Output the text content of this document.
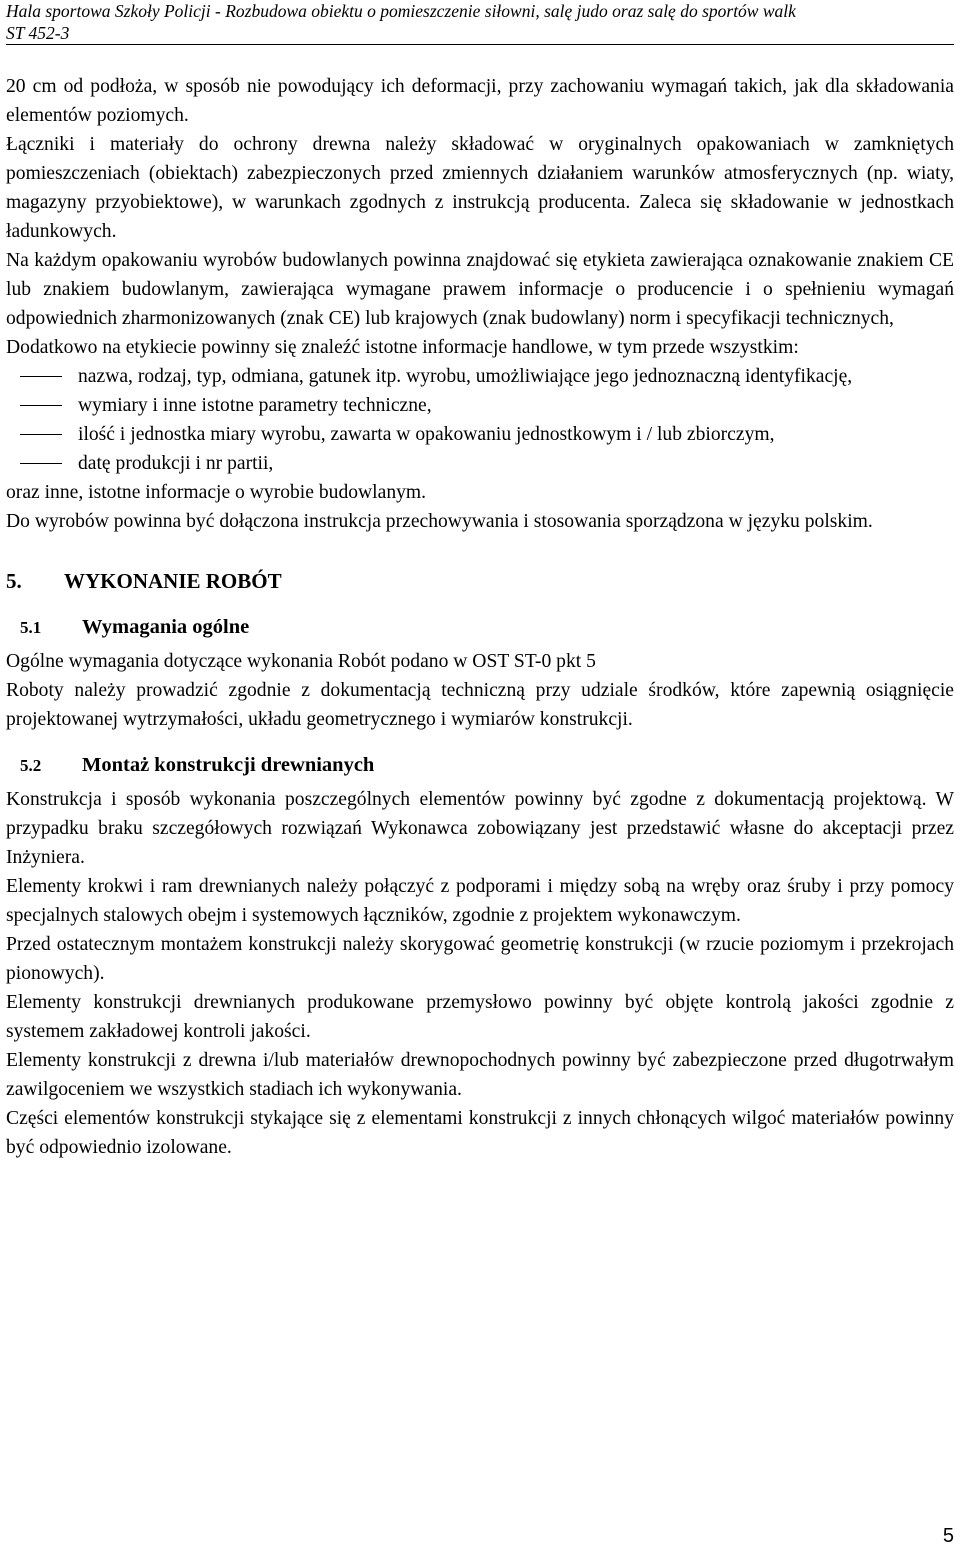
Hala sportowa Szkoły Policji - Rozbudowa obiektu o pomieszczenie siłowni, salę judo oraz salę do sportów walk
ST 452-3

20 cm od podłoża, w sposób nie powodujący ich deformacji, przy zachowaniu wymagań takich, jak dla składowania elementów poziomych.

Łączniki i materiały do ochrony drewna należy składować w oryginalnych opakowaniach w zamkniętych pomieszczeniach (obiektach) zabezpieczonych przed zmiennych działaniem warunków atmosferycznych (np. wiaty, magazyny przyobiektowe), w warunkach zgodnych z instrukcją producenta. Zaleca się składowanie w jednostkach ładunkowych.

Na każdym opakowaniu wyrobów budowlanych powinna znajdować się etykieta zawierająca oznakowanie znakiem CE lub znakiem budowlanym, zawierająca wymagane prawem informacje o producencie i o spełnieniu wymagań odpowiednich zharmonizowanych (znak CE) lub krajowych (znak budowlany) norm i specyfikacji technicznych,

Dodatkowo na etykiecie powinny się znaleźć istotne informacje handlowe, w tym przede wszystkim:

nazwa, rodzaj, typ, odmiana, gatunek itp. wyrobu, umożliwiające jego jednoznaczną identyfikację,
wymiary i inne istotne parametry techniczne,
ilość i jednostka miary wyrobu, zawarta w opakowaniu jednostkowym i / lub zbiorczym,
datę produkcji i nr partii,

oraz inne, istotne informacje o wyrobie budowlanym.

Do wyrobów powinna być dołączona instrukcja przechowywania i stosowania sporządzona w języku polskim.

5. WYKONANIE ROBÓT
5.1 Wymagania ogólne

Ogólne wymagania dotyczące wykonania Robót podano w OST ST-0 pkt 5

Roboty należy prowadzić zgodnie z dokumentacją techniczną przy udziale środków, które zapewnią osiągnięcie projektowanej wytrzymałości, układu geometrycznego i wymiarów konstrukcji.

5.2 Montaż konstrukcji drewnianych

Konstrukcja i sposób wykonania poszczególnych elementów powinny być zgodne z dokumentacją projektową. W przypadku braku szczegółowych rozwiązań Wykonawca zobowiązany jest przedstawić własne do akceptacji przez Inżyniera.

Elementy krokwi i ram drewnianych należy połączyć z podporami i między sobą na wręby oraz śruby i przy pomocy specjalnych stalowych obejm i systemowych łączników, zgodnie z projektem wykonawczym.

Przed ostatecznym montażem konstrukcji należy skorygować geometrię konstrukcji (w rzucie poziomym i przekrojach pionowych).

Elementy konstrukcji drewnianych produkowane przemysłowo powinny być objęte kontrolą jakości zgodnie z systemem zakładowej kontroli jakości.

Elementy konstrukcji z drewna i/lub materiałów drewnopochodnych powinny być zabezpieczone przed długotrwałym zawilgoceniem we wszystkich stadiach ich wykonywania.

Części elementów konstrukcji stykające się z elementami konstrukcji z innych chłonących wilgoć materiałów powinny być odpowiednio izolowane.

5
